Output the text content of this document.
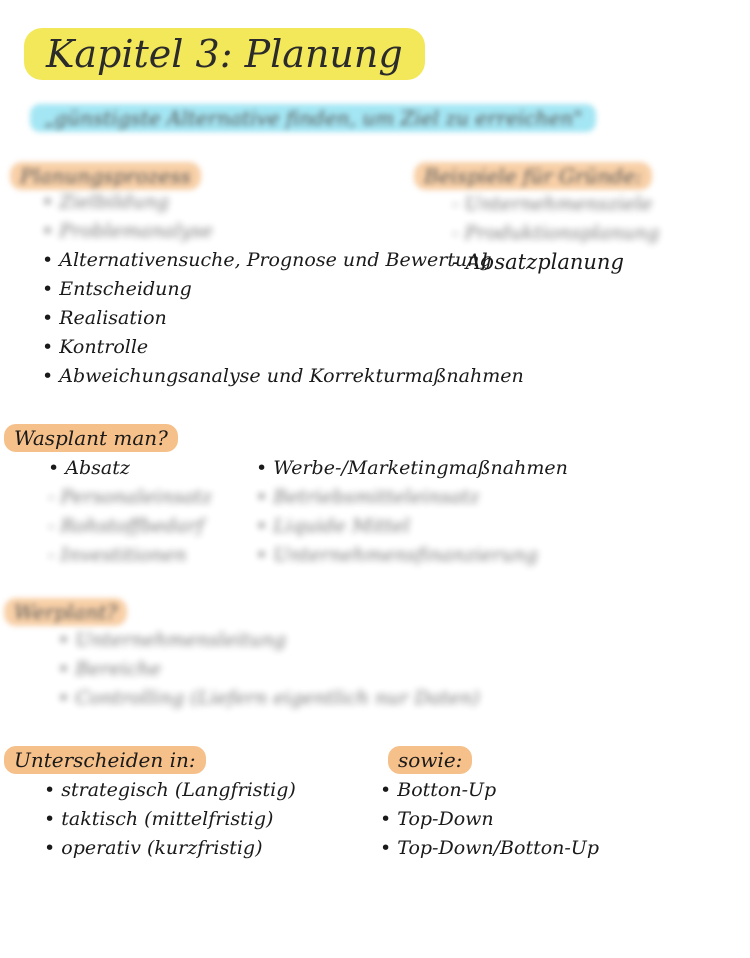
Kapitel 3: Planung
„günstigste Alternative finden, um Ziel zu erreichen"
Planungsprozess
• Zielbildung
• Problemanalyse
• Alternativensuche, Prognose und Bewertung
• Entscheidung
• Realisation
• Kontrolle
• Abweichungsanalyse und Korrekturmaßnahmen
Beispiele für Gründe:
- Unternehmensziele
- Produktionsplanung
- Absatzplanung
Wasplant man?
• Absatz
- Personaleinsatz
- Rohstoffbedarf
- Investitionen
• Werbe-/Marketingmaßnahmen
• Betriebsmitteleinsatz
• Liquide Mittel
• Unternehmensfinanzierung
Werplant?
• Unternehmensleitung
• Bereiche
• Controlling (Liefern eigentlich nur Daten)
Unterscheiden in:
• strategisch (Langfristig)
• taktisch (mittelfristig)
• operativ (kurzfristig)
sowie:
• Botton-Up
• Top-Down
• Top-Down/Botton-Up
